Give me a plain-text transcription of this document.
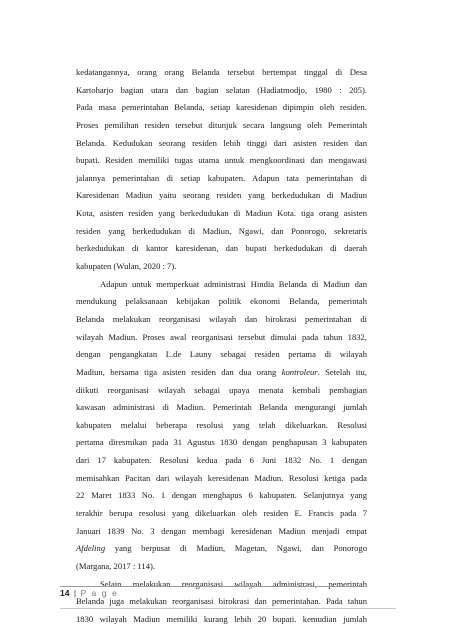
kedatangannya, orang orang Belanda tersebut bertempat tinggal di Desa
Kartoharjo bagian utara dan bagian selatan (Hadiatmodjo, 1980 : 205).
Pada masa pemerintahan Belanda, setiap karesidenan dipimpin oleh residen.
Proses pemilihan residen tersebut ditunjuk secara langsung oleh Pemerintah
Belanda. Kedudukan seorang residen lebih tinggi dari asisten residen dan
bupati. Residen memiliki tugas utama untuk mengkoordinasi dan mengawasi
jalannya pemerintahan di setiap kabupaten. Adapun tata pemerintahan di
Karesidenan Madiun yaitu seorang residen yang berkedudukan di Madiun
Kota, asisten residen yang berkedudukan di Madiun Kota. tiga orang asisten
residen yang berkedudukan di Madiun, Ngawi, dan Ponorogo, sekretaris
berkedudukan di kantor karesidenan, dan bupati berkedudukan di daerah
kabupaten (Wulan, 2020 : 7).
Adapun untuk memperkuat administrasi Hindia Belanda di Madiun dan
mendukung pelaksanaan kebijakan politik ekonomi Belanda, pemerintah
Belanda melakukan reorganisasi wilayah dan birokrasi pemerintahan di
wilayah Madiun. Proses awal reorganisasi tersebut dimulai pada tahun 1832,
dengan pengangkatan L.de Launy sebagai residen pertama di wilayah
Madiun, bersama tiga asisten residen dan dua orang kontroleur. Setelah itu,
diikuti reorganisasi wilayah sebagai upaya menata kembali pembagian
kawasan administrasi di Madiun. Pemerintah Belanda mengurangi jumlah
kabupaten melalui beberapa resolusi yang telah dikeluarkan. Resolusi
pertama diresmikan pada 31 Agustus 1830 dengan penghapusan 3 kabupaten
dari 17 kabupaten. Resolusi kedua pada 6 Juni 1832 No. 1 dengan
memisahkan Pacitan dari wilayah keresidenan Madiun. Resolusi ketiga pada
22 Maret 1833 No. 1 dengan menghapus 6 kabupaten. Selanjutnya yang
terakhir berupa resolusi yang dikeluarkan oleh residen E. Francis pada 7
Januari 1839 No. 3 dengan membagi keresidenan Madiun menjadi empat
Afdeling yang berpusat di Madiun, Magetan, Ngawi, dan Ponorogo
(Margana, 2017 : 114).
Selain melakukan reorganisasi wilayah administrasi, pemerintah
Belanda juga melakukan reorganisasi birokrasi dan pemerintahan. Pada tahun
1830 wilayah Madiun memiliki kurang lebih 20 bupati. kemudian jumlah
14 | P a g e
